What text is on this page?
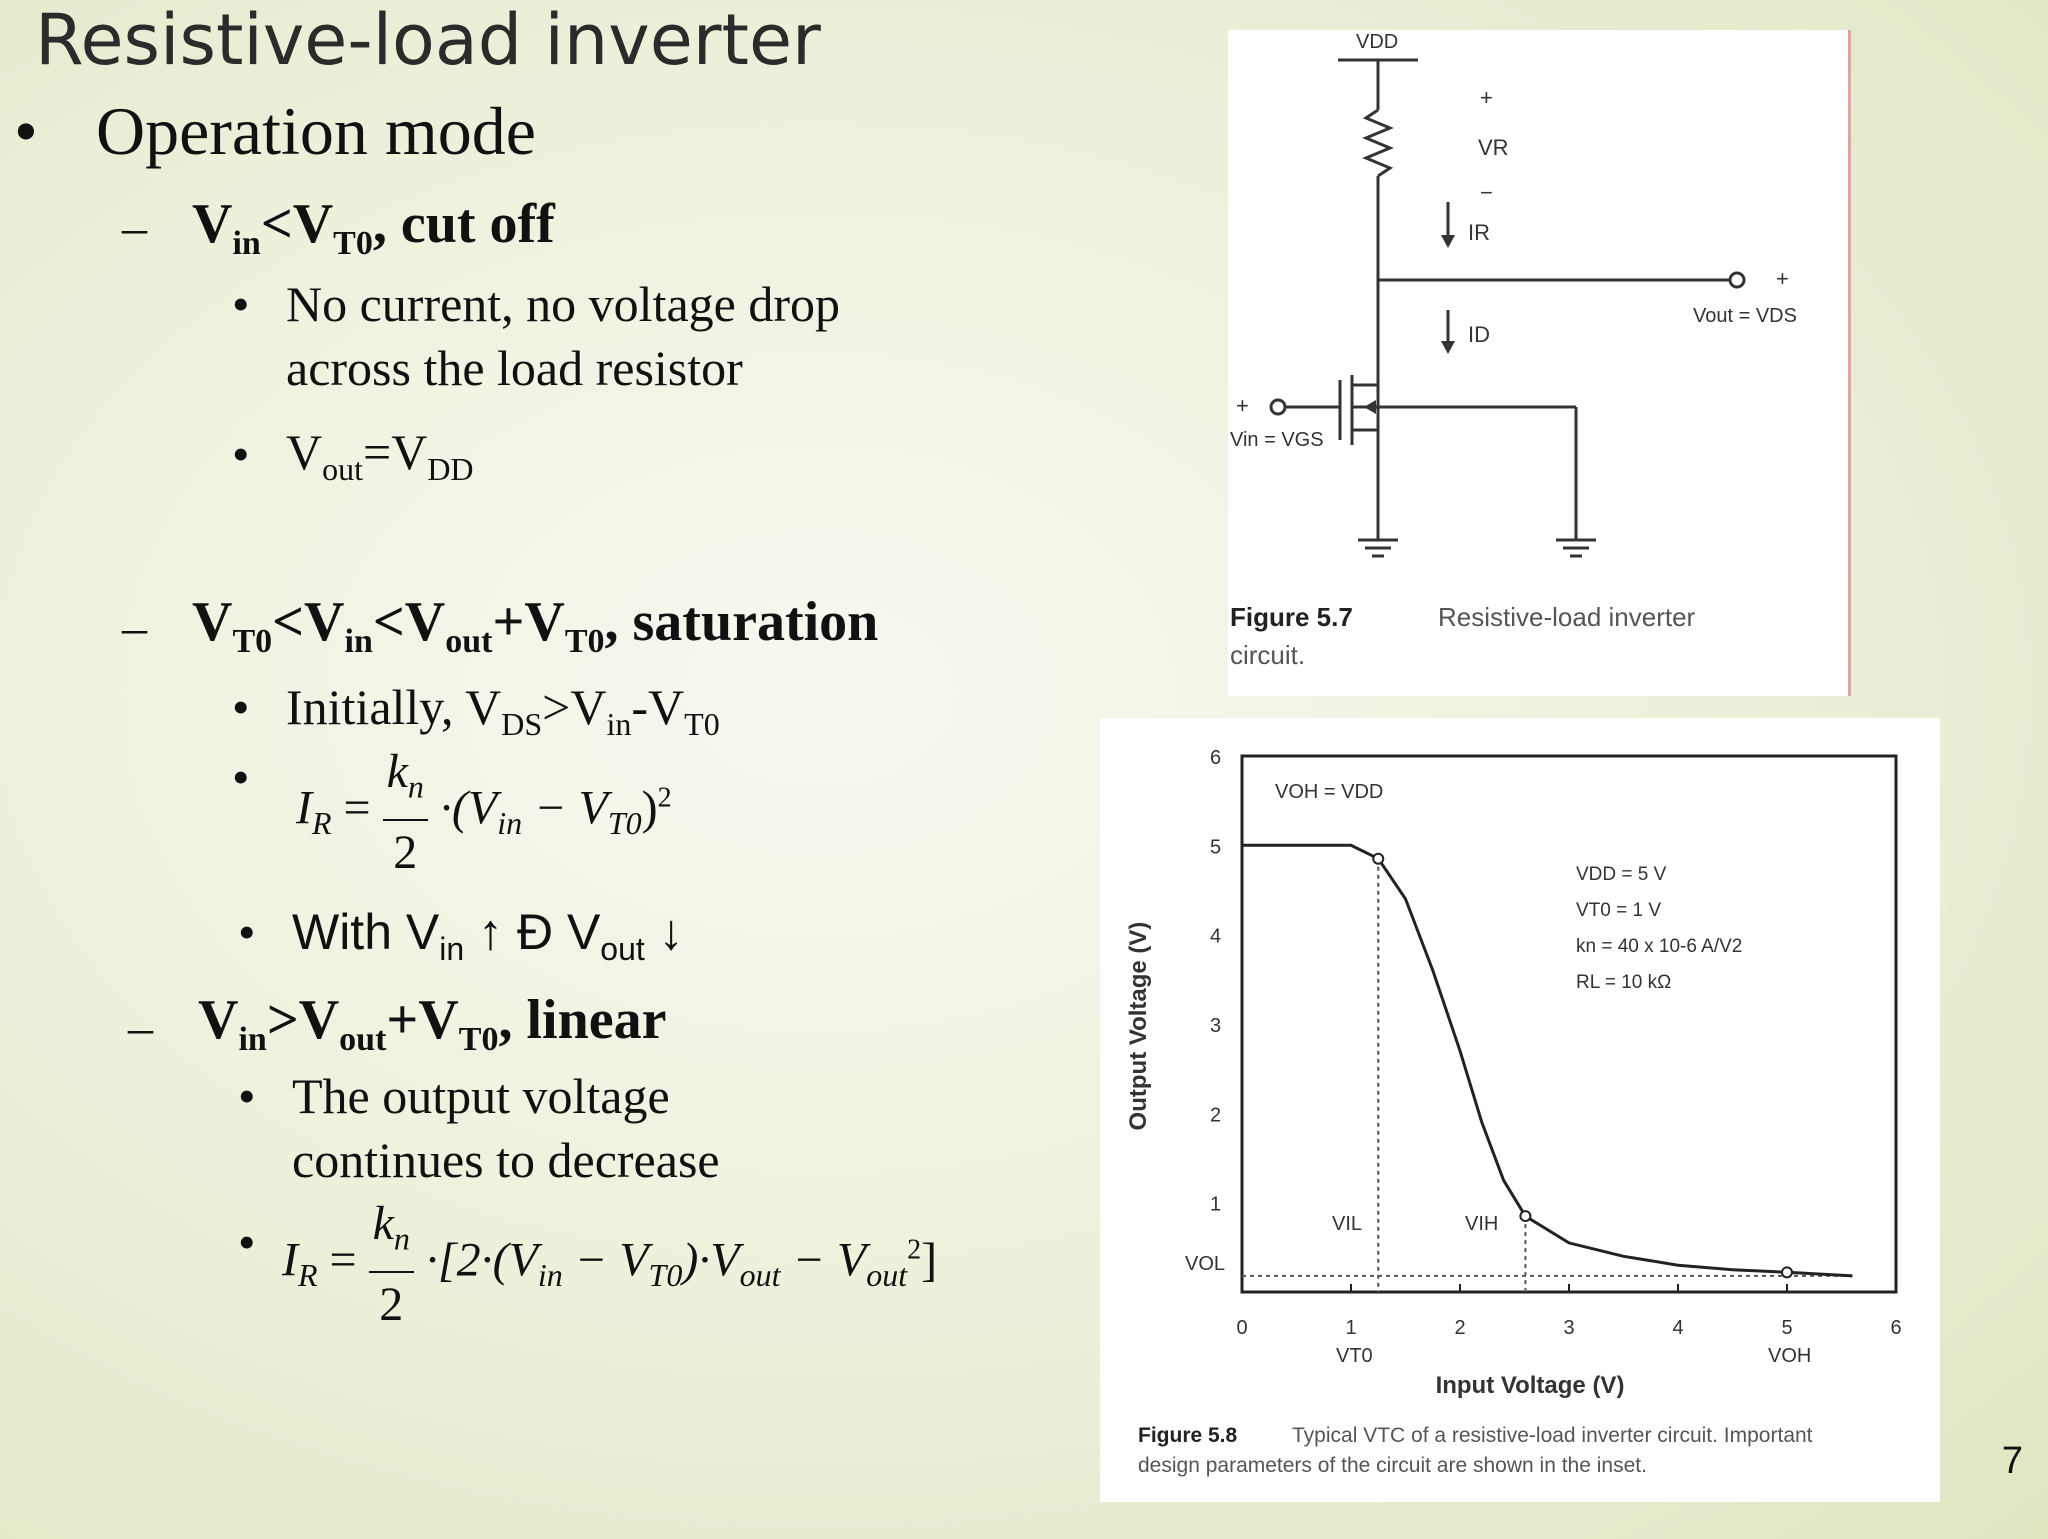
Resistive-load inverter
• Operation mode
– $V_{in}<V_{T0}$, cut off
• No current, no voltage drop
across the load resistor
• $V_{out}=V_{DD}$
– $V_{T0}<V_{in}<V_{out}+V_{T0}$, saturation
• Initially, $V_{DS}>V_{in}-V_{T0}$
•
$I_R = \frac{k_n}{2} \cdot(V_{in} - V_{T0})^2$
• With $V_{in}$ ↑ Ð $V_{out}$ ↓
– $V_{in}>V_{out}+V_{T0}$, linear
• The output voltage
continues to decrease
• $I_R = \frac{k_n}{2} \cdot[2\cdot(V_{in} - V_{T0})\cdot V_{out} - V_{out}^2]$
VDD
+
VR
−
IR
ID
+
Vout = VDS
+
Vin = VGS
Figure 5.7	Resistive-load inverter
circuit.
6
5
4
3
2
1
0	1	2	3	4	5	6
Output Voltage (V)
Input Voltage (V)
VOH = VDD
VOL
VIL	VIH
VT0	VOH
VDD = 5 V
VT0 = 1 V
kn = 40 x 10-6 A/V2
RL = 10 kΩ
Figure 5.8	Typical VTC of a resistive-load inverter circuit. Important
design parameters of the circuit are shown in the inset.	7
